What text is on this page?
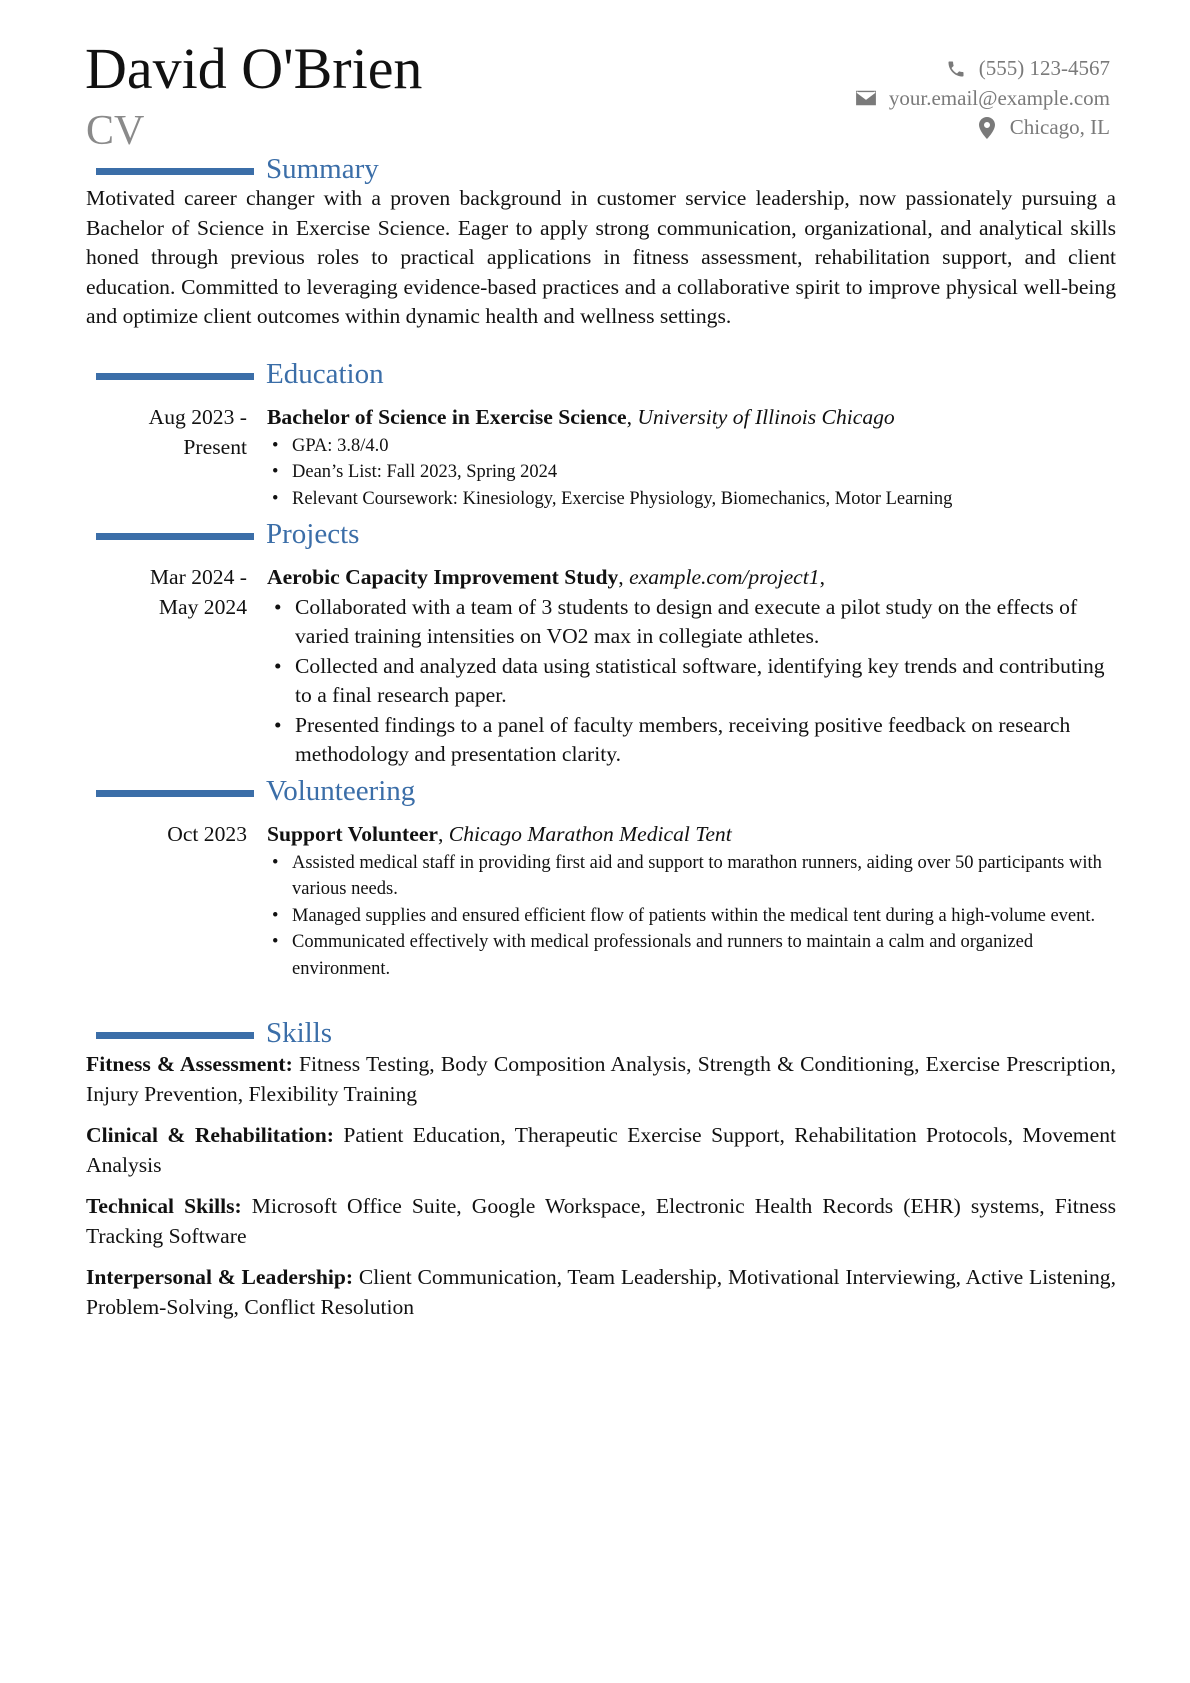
David O'Brien
CV
(555) 123-4567
your.email@example.com
Chicago, IL
Summary
Motivated career changer with a proven background in customer service leadership, now passionately pursuing a Bachelor of Science in Exercise Science. Eager to apply strong communication, organizational, and analytical skills honed through previous roles to practical applications in fitness assessment, rehabilitation support, and client education. Committed to leveraging evidence-based practices and a collaborative spirit to improve physical well-being and optimize client outcomes within dynamic health and wellness settings.
Education
Aug 2023 -
Present
Bachelor of Science in Exercise Science, University of Illinois Chicago
• GPA: 3.8/4.0
• Dean’s List: Fall 2023, Spring 2024
• Relevant Coursework: Kinesiology, Exercise Physiology, Biomechanics, Motor Learning
Projects
Mar 2024 -
May 2024
Aerobic Capacity Improvement Study, example.com/project1,
• Collaborated with a team of 3 students to design and execute a pilot study on the effects of varied training intensities on VO2 max in collegiate athletes.
• Collected and analyzed data using statistical software, identifying key trends and contributing to a final research paper.
• Presented findings to a panel of faculty members, receiving positive feedback on research methodology and presentation clarity.
Volunteering
Oct 2023 Support Volunteer, Chicago Marathon Medical Tent
• Assisted medical staff in providing first aid and support to marathon runners, aiding over 50 participants with various needs.
• Managed supplies and ensured efficient flow of patients within the medical tent during a high-volume event.
• Communicated effectively with medical professionals and runners to maintain a calm and organized environment.
Skills
Fitness & Assessment: Fitness Testing, Body Composition Analysis, Strength & Conditioning, Exercise Prescription, Injury Prevention, Flexibility Training
Clinical & Rehabilitation: Patient Education, Therapeutic Exercise Support, Rehabilitation Protocols, Movement Analysis
Technical Skills: Microsoft Office Suite, Google Workspace, Electronic Health Records (EHR) systems, Fitness Tracking Software
Interpersonal & Leadership: Client Communication, Team Leadership, Motivational Interviewing, Active Listening, Problem-Solving, Conflict Resolution
